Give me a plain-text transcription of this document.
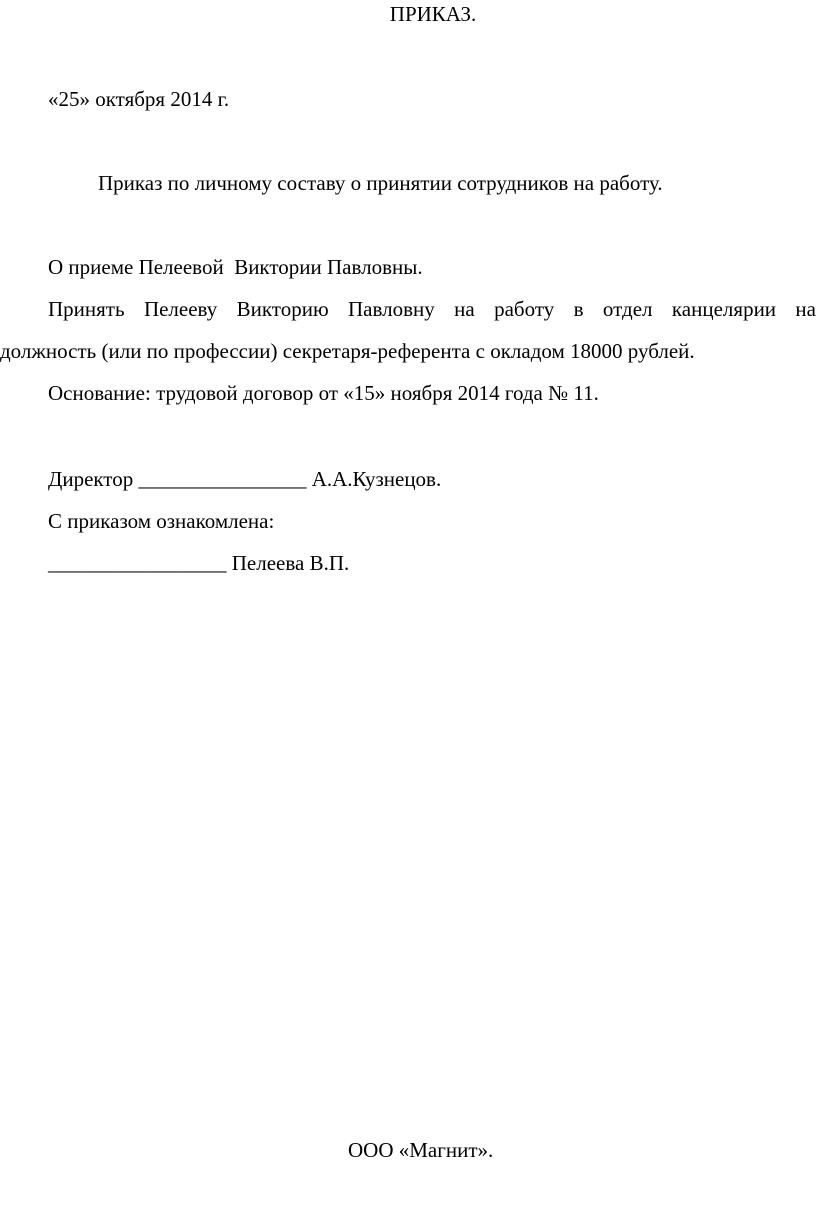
ПРИКАЗ.
«25» октября 2014 г.
Приказ по личному составу о принятии сотрудников на работу.
О приеме Пелеевой  Виктории Павловны.
Принять Пелееву Викторию Павловну на работу в отдел канцелярии на
должность (или по профессии) секретаря-референта с окладом 18000 рублей.
Основание: трудовой договор от «15» ноября 2014 года № 11.
Директор ________________ А.А.Кузнецов.
С приказом ознакомлена:
_________________ Пелеева В.П.
ООО «Магнит».
